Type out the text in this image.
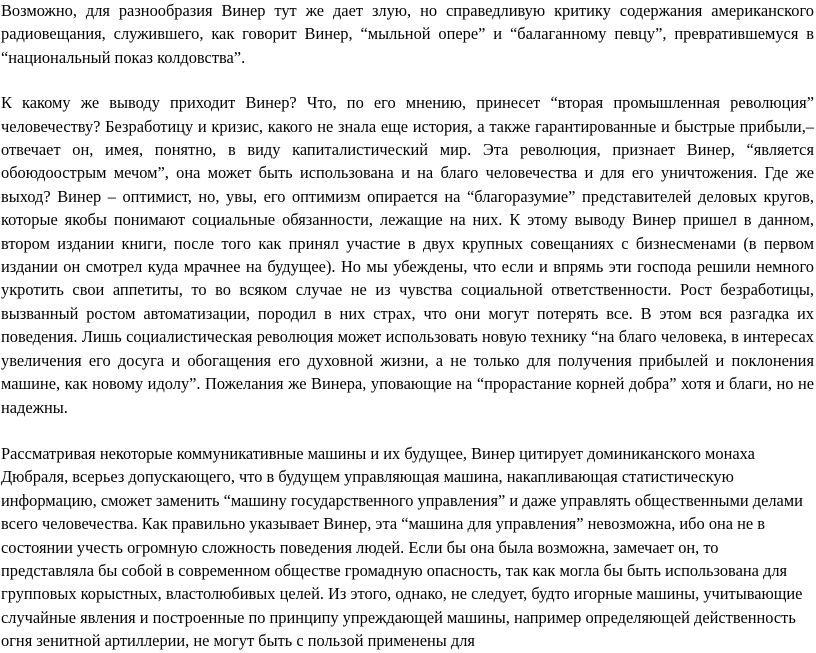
Возможно, для разнообразия Винер тут же дает злую, но справедливую критику содержания американского радиовещания, служившего, как говорит Винер, “мыльной опере” и “балаганному певцу”, превратившемуся в “национальный показ колдовства”.

К какому же выводу приходит Винер? Что, по его мнению, принесет “вторая промышленная революция” человечеству? Безработицу и кризис, какого не знала еще история, а также гарантированные и быстрые прибыли,–отвечает он, имея, понятно, в виду капиталистический мир. Эта революция, признает Винер, “является обоюдоострым мечом”, она может быть использована и на благо человечества и для его уничтожения. Где же выход? Винер – оптимист, но, увы, его оптимизм опирается на “благоразумие” представителей деловых кругов, которые якобы понимают социальные обязанности, лежащие на них. К этому выводу Винер пришел в данном, втором издании книги, после того как принял участие в двух крупных совещаниях с бизнесменами (в первом издании он смотрел куда мрачнее на будущее). Но мы убеждены, что если и впрямь эти господа решили немного укротить свои аппетиты, то во всяком случае не из чувства социальной ответственности. Рост безработицы, вызванный ростом автоматизации, породил в них страх, что они могут потерять все. В этом вся разгадка их поведения. Лишь социалистическая революция может использовать новую технику “на благо человека, в интересах увеличения его досуга и обогащения его духовной жизни, а не только для получения прибылей и поклонения машине, как новому идолу”. Пожелания же Винера, уповающие на “прорастание корней добра” хотя и благи, но не надежны.

Рассматривая некоторые коммуникативные машины и их будущее, Винер цитирует доминиканского монаха Дюбраля, всерьез допускающего, что в будущем управляющая машина, накапливающая статистическую информацию, сможет заменить “машину государственного управления” и даже управлять общественными делами всего человечества. Как правильно указывает Винер, эта “машина для управления” невозможна, ибо она не в состоянии учесть огромную сложность поведения людей. Если бы она была возможна, замечает он, то представляла бы собой в современном обществе громадную опасность, так как могла бы быть использована для групповых корыстных, властолюбивых целей. Из этого, однако, не следует, будто игорные машины, учитывающие случайные явления и построенные по принципу упреждающей машины, например определяющей действенность огня зенитной артиллерии, не могут быть с пользой применены для
